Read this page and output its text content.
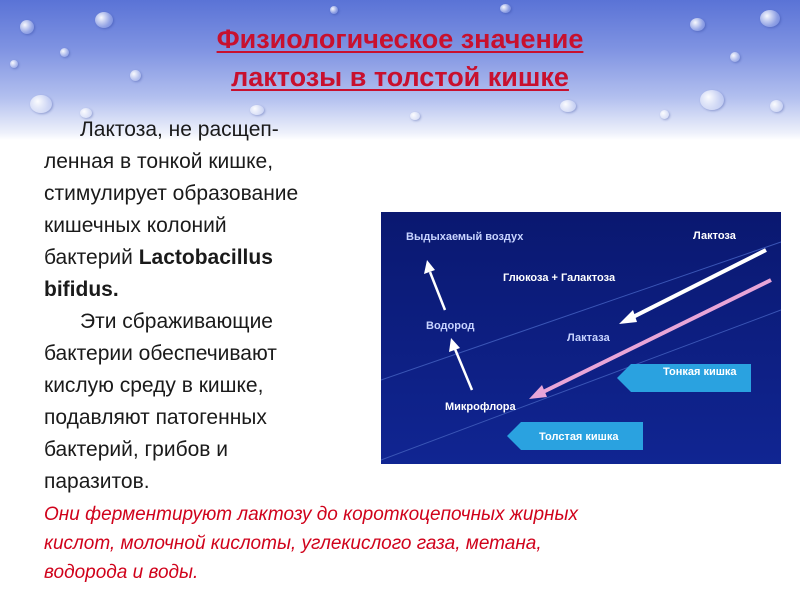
Физиологическое значение
лактозы в толстой кишке

Лактоза, не расщеп-

ленная в тонкой кишке,

стимулирует образование

кишечных колоний

бактерий Lactobacillus

bifidus.

Эти сбраживающие

бактерии обеспечивают

кислую среду в кишке,

подавляют патогенных

бактерий, грибов и

паразитов.

Выдыхаемый воздух	Лактоза
Глюкоза + Галактоза
Водород
Лактаза
Тонкая кишка
Микрофлора
Толстая кишка

Они ферментируют лактозу до короткоцепочных жирных
кислот, молочной кислоты, углекислого газа, метана,
водорода и воды.
